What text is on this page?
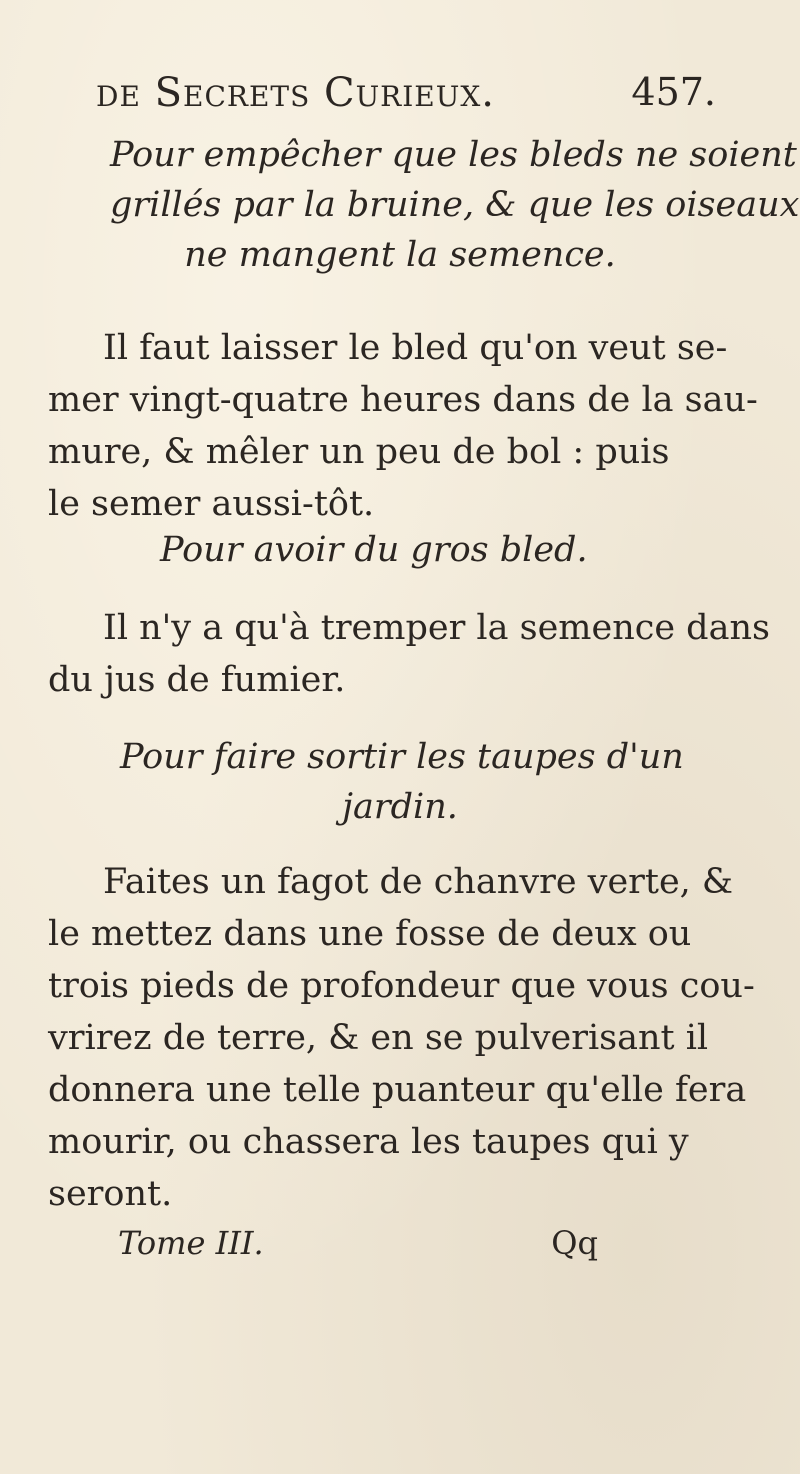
de Secrets Curieux.	457.
Pour empêcher que les bleds ne soient
grillés par la bruine, & que les oiseaux
ne mangent la semence.
Il faut laisser le bled qu'on veut se-
mer vingt-quatre heures dans de la sau-
mure, & mêler un peu de bol : puis
le semer aussi-tôt.
Pour avoir du gros bled.
Il n'y a qu'à tremper la semence dans
du jus de fumier.
Pour faire sortir les taupes d'un
jardin.
Faites un fagot de chanvre verte, &
le mettez dans une fosse de deux ou
trois pieds de profondeur que vous cou-
vrirez de terre, & en se pulverisant il
donnera une telle puanteur qu'elle fera
mourir, ou chassera les taupes qui y
seront.
Tome III.	Qq
